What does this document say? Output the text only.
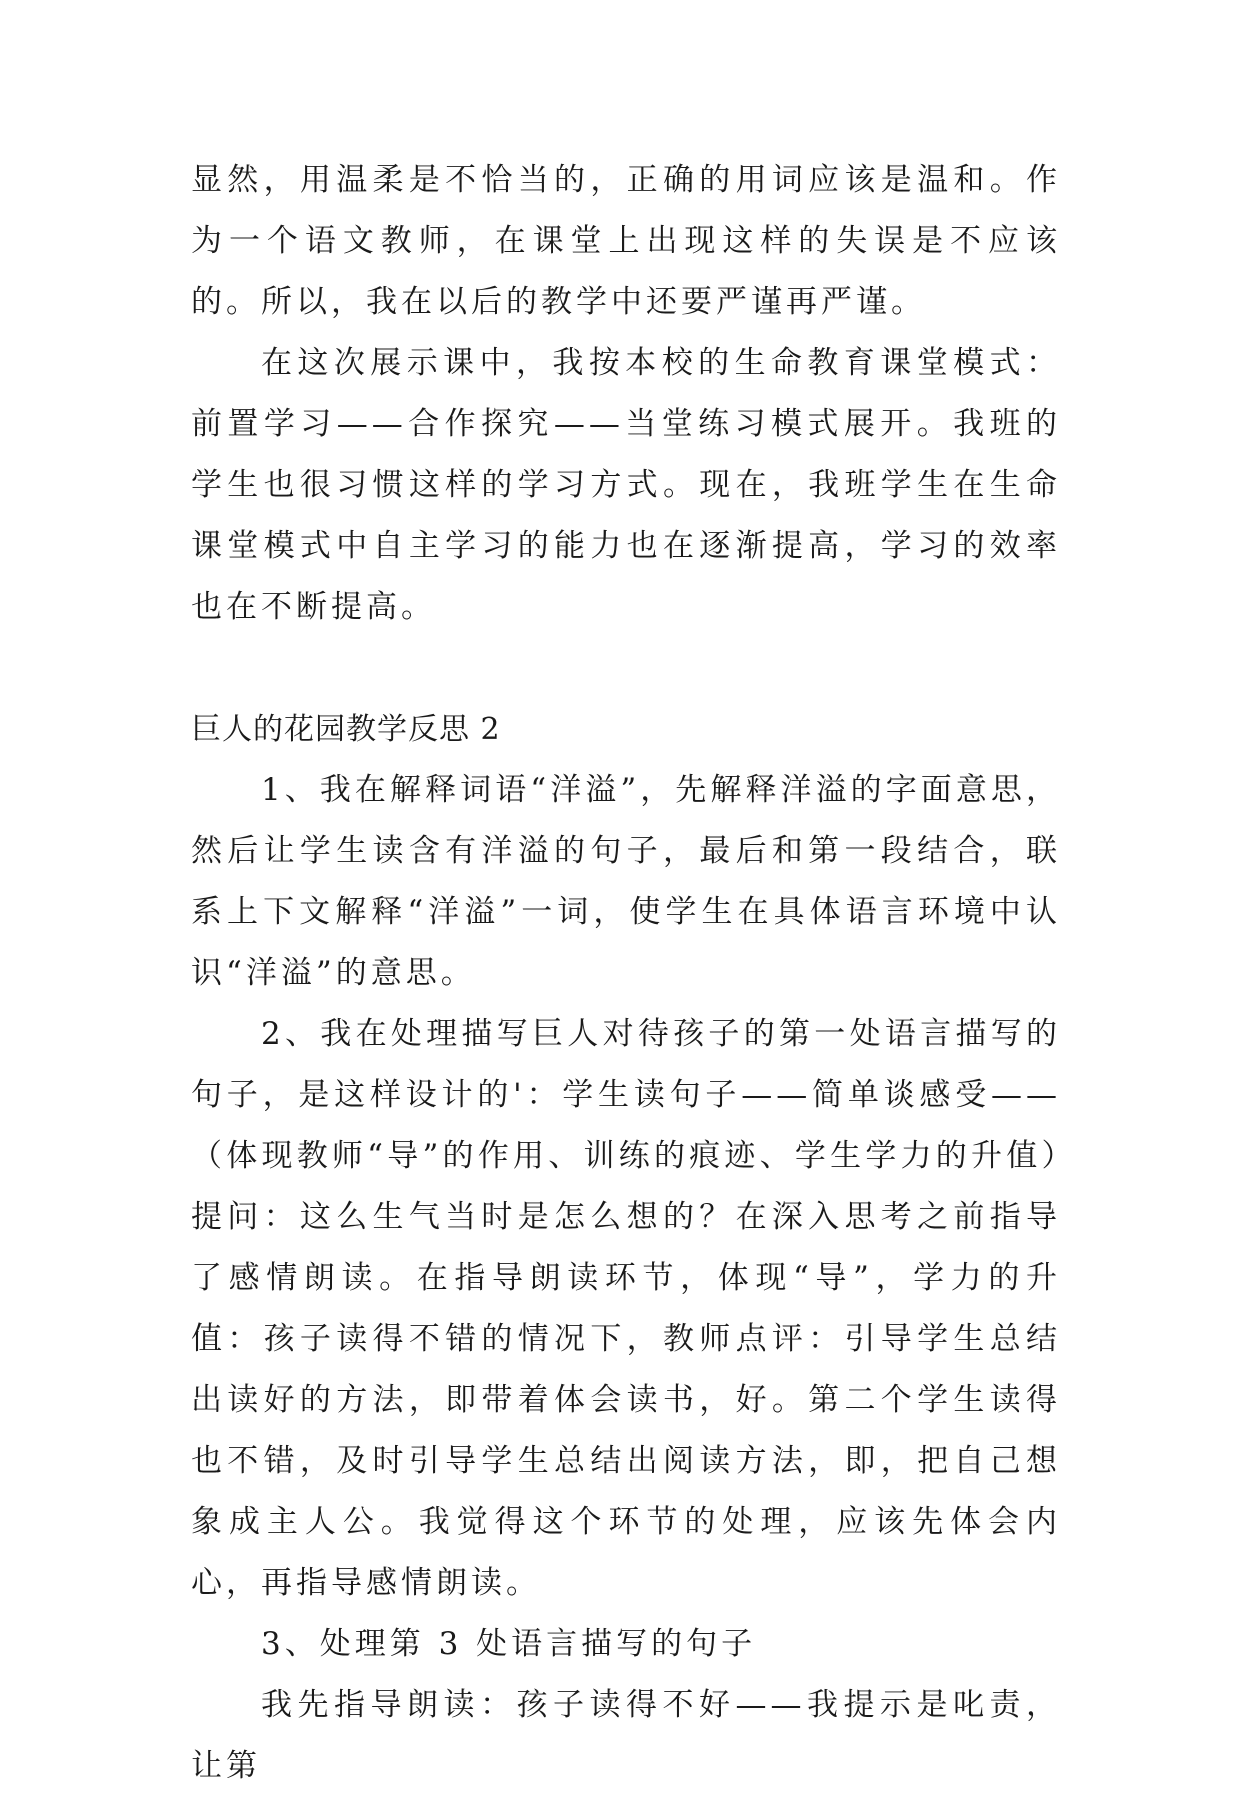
显然，用温柔是不恰当的，正确的用词应该是温和。作为一个语文教师，在课堂上出现这样的失误是不应该的。所以，我在以后的教学中还要严谨再严谨。

在这次展示课中，我按本校的生命教育课堂模式：前置学习——合作探究——当堂练习模式展开。我班的学生也很习惯这样的学习方式。现在，我班学生在生命课堂模式中自主学习的能力也在逐渐提高，学习的效率也在不断提高。

巨人的花园教学反思 2

1、我在解释词语“洋溢”，先解释洋溢的字面意思，然后让学生读含有洋溢的句子，最后和第一段结合，联系上下文解释“洋溢”一词，使学生在具体语言环境中认识“洋溢”的意思。

2、我在处理描写巨人对待孩子的第一处语言描写的句子，是这样设计的'：学生读句子——简单谈感受——（体现教师“导”的作用、训练的痕迹、学生学力的升值）提问：这么生气当时是怎么想的？在深入思考之前指导了感情朗读。在指导朗读环节，体现“导”，学力的升值：孩子读得不错的情况下，教师点评：引导学生总结出读好的方法，即带着体会读书，好。第二个学生读得也不错，及时引导学生总结出阅读方法，即，把自己想象成主人公。我觉得这个环节的处理，应该先体会内心，再指导感情朗读。

3、处理第 3 处语言描写的句子

我先指导朗读：孩子读得不好——我提示是叱责，让第
